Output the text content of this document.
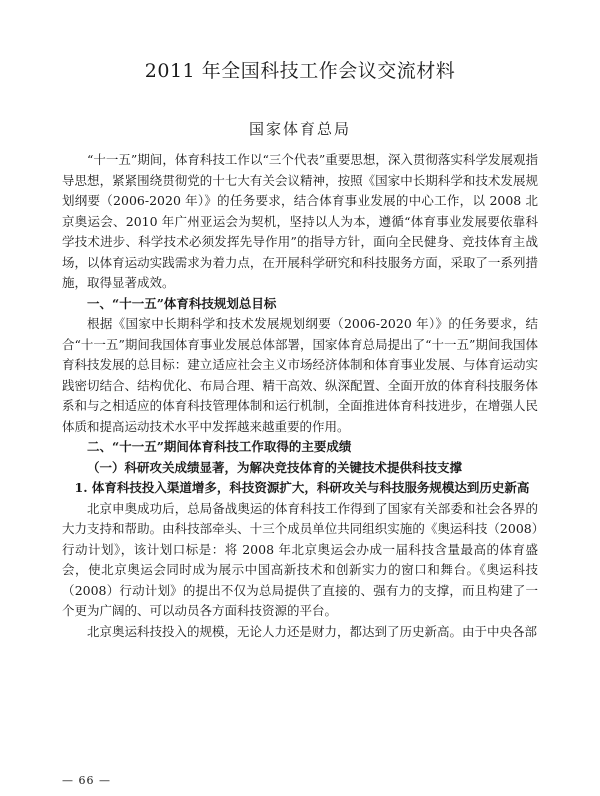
2011 年全国科技工作会议交流材料
国家体育总局

“十一五”期间，体育科技工作以“三个代表”重要思想，深入贯彻落实科学发展观指导思想，紧紧围绕贯彻党的十七大有关会议精神，按照《国家中长期科学和技术发展规划纲要（2006-2020 年）》的任务要求，结合体育事业发展的中心工作，以 2008 北京奥运会、2010 年广州亚运会为契机，坚持以人为本，遵循“体育事业发展要依靠科学技术进步、科学技术必须发挥先导作用”的指导方针，面向全民健身、竞技体育主战场，以体育运动实践需求为着力点，在开展科学研究和科技服务方面，采取了一系列措施，取得显著成效。

一、“十一五”体育科技规划总目标

根据《国家中长期科学和技术发展规划纲要（2006-2020 年）》的任务要求，结合“十一五”期间我国体育事业发展总体部署，国家体育总局提出了“十一五”期间我国体育科技发展的总目标：建立适应社会主义市场经济体制和体育事业发展、与体育运动实践密切结合、结构优化、布局合理、精干高效、纵深配置、全面开放的体育科技服务体系和与之相适应的体育科技管理体制和运行机制，全面推进体育科技进步，在增强人民体质和提高运动技术水平中发挥越来越重要的作用。

二、“十一五”期间体育科技工作取得的主要成绩

（一）科研攻关成绩显著，为解决竞技体育的关键技术提供科技支撑

1. 体育科技投入渠道增多，科技资源扩大，科研攻关与科技服务规模达到历史新高

北京申奥成功后，总局备战奥运的体育科技工作得到了国家有关部委和社会各界的大力支持和帮助。由科技部牵头、十三个成员单位共同组织实施的《奥运科技（2008）行动计划》，该计划口标是：将 2008 年北京奥运会办成一届科技含量最高的体育盛会，使北京奥运会同时成为展示中国高新技术和创新实力的窗口和舞台。《奥运科技（2008）行动计划》的提出不仅为总局提供了直接的、强有力的支撑，而且构建了一个更为广阔的、可以动员各方面科技资源的平台。

北京奥运科技投入的规模，无论人力还是财力，都达到了历史新高。由于中央各部

— 66 —
